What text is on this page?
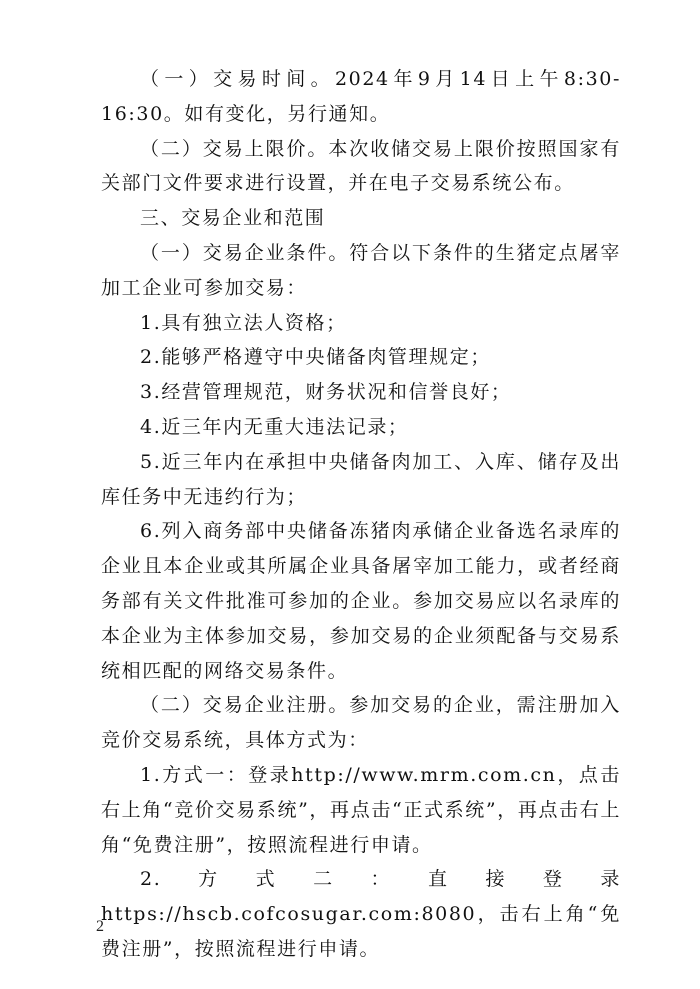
（一）交易时间。2024年9月14日上午8:30-16:30。如有变化，另行通知。

（二）交易上限价。本次收储交易上限价按照国家有关部门文件要求进行设置，并在电子交易系统公布。

三、交易企业和范围

（一）交易企业条件。符合以下条件的生猪定点屠宰加工企业可参加交易：

1.具有独立法人资格；

2.能够严格遵守中央储备肉管理规定；

3.经营管理规范，财务状况和信誉良好；

4.近三年内无重大违法记录；

5.近三年内在承担中央储备肉加工、入库、储存及出库任务中无违约行为；

6.列入商务部中央储备冻猪肉承储企业备选名录库的企业且本企业或其所属企业具备屠宰加工能力，或者经商务部有关文件批准可参加的企业。参加交易应以名录库的本企业为主体参加交易，参加交易的企业须配备与交易系统相匹配的网络交易条件。

（二）交易企业注册。参加交易的企业，需注册加入竞价交易系统，具体方式为：

1.方式一：登录http://www.mrm.com.cn，点击右上角“竞价交易系统”，再点击“正式系统”，再点击右上角“免费注册”，按照流程进行申请。

2.方式二：直接登录https://hscb.cofcosugar.com:8080，击右上角“免费注册”，按照流程进行申请。

2
